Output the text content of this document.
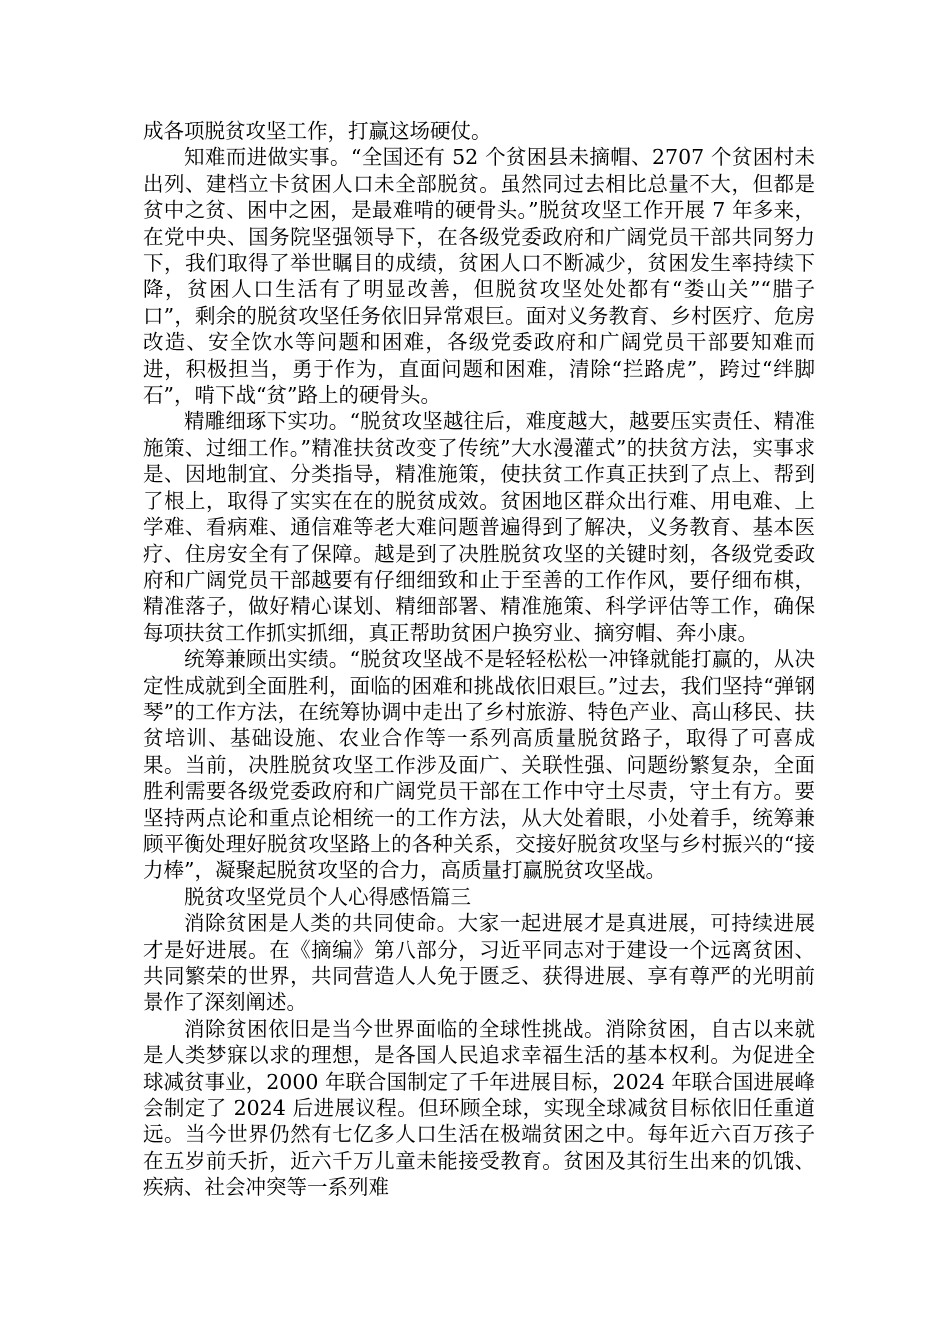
成各项脱贫攻坚工作，打赢这场硬仗。

知难而进做实事。“全国还有 52 个贫困县未摘帽、2707 个贫困村未出列、建档立卡贫困人口未全部脱贫。虽然同过去相比总量不大，但都是贫中之贫、困中之困，是最难啃的硬骨头。”脱贫攻坚工作开展 7 年多来，在党中央、国务院坚强领导下，在各级党委政府和广阔党员干部共同努力下，我们取得了举世瞩目的成绩，贫困人口不断减少，贫困发生率持续下降，贫困人口生活有了明显改善，但脱贫攻坚处处都有“娄山关”“腊子口”，剩余的脱贫攻坚任务依旧异常艰巨。面对义务教育、乡村医疗、危房改造、安全饮水等问题和困难，各级党委政府和广阔党员干部要知难而进，积极担当，勇于作为，直面问题和困难，清除“拦路虎”，跨过“绊脚石”，啃下战“贫”路上的硬骨头。

精雕细琢下实功。“脱贫攻坚越往后，难度越大，越要压实责任、精准施策、过细工作。”精准扶贫改变了传统”大水漫灌式”的扶贫方法，实事求是、因地制宜、分类指导，精准施策，使扶贫工作真正扶到了点上、帮到了根上，取得了实实在在的脱贫成效。贫困地区群众出行难、用电难、上学难、看病难、通信难等老大难问题普遍得到了解决，义务教育、基本医疗、住房安全有了保障。越是到了决胜脱贫攻坚的关键时刻，各级党委政府和广阔党员干部越要有仔细细致和止于至善的工作作风，要仔细布棋，精准落子，做好精心谋划、精细部署、精准施策、科学评估等工作，确保每项扶贫工作抓实抓细，真正帮助贫困户换穷业、摘穷帽、奔小康。

统筹兼顾出实绩。“脱贫攻坚战不是轻轻松松一冲锋就能打赢的，从决定性成就到全面胜利，面临的困难和挑战依旧艰巨。”过去，我们坚持“弹钢琴”的工作方法，在统筹协调中走出了乡村旅游、特色产业、高山移民、扶贫培训、基础设施、农业合作等一系列高质量脱贫路子，取得了可喜成果。当前，决胜脱贫攻坚工作涉及面广、关联性强、问题纷繁复杂，全面胜利需要各级党委政府和广阔党员干部在工作中守土尽责，守土有方。要坚持两点论和重点论相统一的工作方法，从大处着眼，小处着手，统筹兼顾平衡处理好脱贫攻坚路上的各种关系，交接好脱贫攻坚与乡村振兴的“接力棒”，凝聚起脱贫攻坚的合力，高质量打赢脱贫攻坚战。

脱贫攻坚党员个人心得感悟篇三

消除贫困是人类的共同使命。大家一起进展才是真进展，可持续进展才是好进展。在《摘编》第八部分，习近平同志对于建设一个远离贫困、共同繁荣的世界，共同营造人人免于匮乏、获得进展、享有尊严的光明前景作了深刻阐述。

消除贫困依旧是当今世界面临的全球性挑战。消除贫困，自古以来就是人类梦寐以求的理想，是各国人民追求幸福生活的基本权利。为促进全球减贫事业，2000 年联合国制定了千年进展目标，2024 年联合国进展峰会制定了 2024 后进展议程。但环顾全球，实现全球减贫目标依旧任重道远。当今世界仍然有七亿多人口生活在极端贫困之中。每年近六百万孩子在五岁前夭折，近六千万儿童未能接受教育。贫困及其衍生出来的饥饿、疾病、社会冲突等一系列难
